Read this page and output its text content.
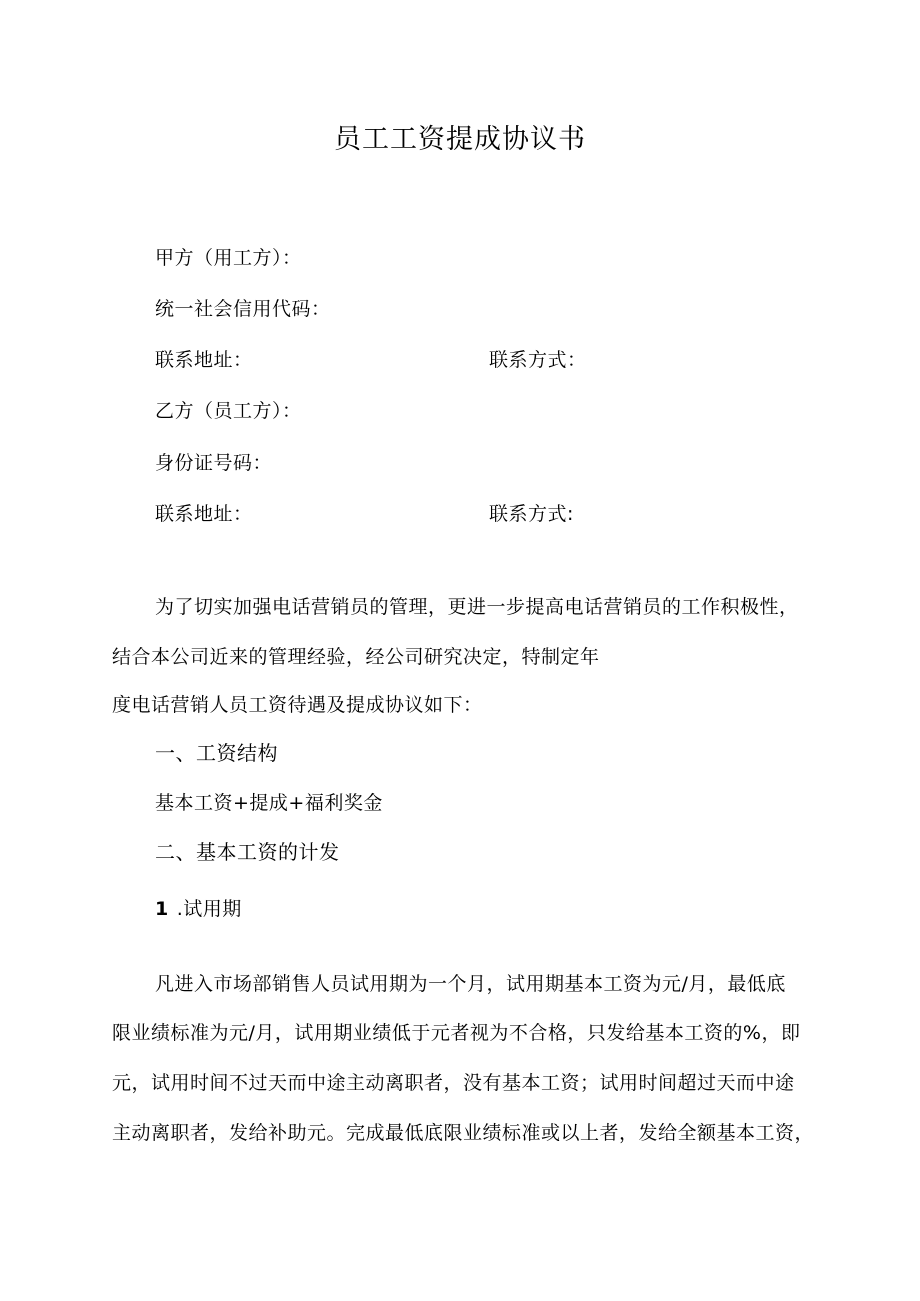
员工工资提成协议书
甲方（用工方）：
统一社会信用代码：
联系地址：	联系方式：
乙方（员工方）：
身份证号码：
联系地址：	联系方式:
为了切实加强电话营销员的管理，更进一步提高电话营销员的工作积极性，
结合本公司近来的管理经验，经公司研究决定，特制定年
度电话营销人员工资待遇及提成协议如下：
一、工资结构
基本工资+提成+福利奖金
二、基本工资的计发
1 .试用期
凡进入市场部销售人员试用期为一个月，试用期基本工资为元/月，最低底
限业绩标准为元/月，试用期业绩低于元者视为不合格，只发给基本工资的%，即
元，试用时间不过天而中途主动离职者，没有基本工资；试用时间超过天而中途
主动离职者，发给补助元。完成最低底限业绩标准或以上者，发给全额基本工资，
